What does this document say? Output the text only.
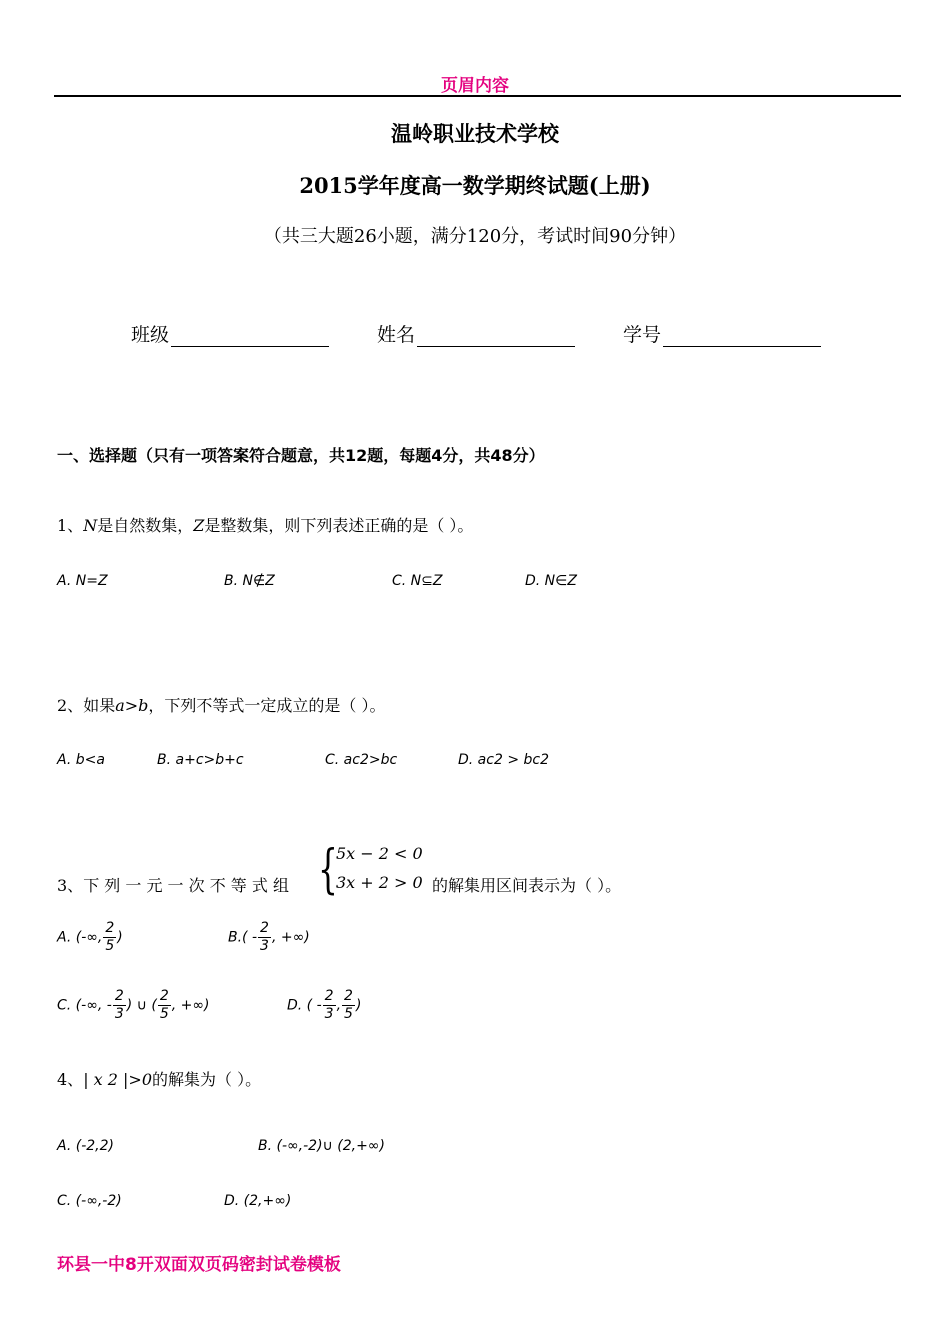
页眉内容
温岭职业技术学校
2015学年度高一数学期终试题(上册)
（共三大题26小题，满分120分，考试时间90分钟）
班级	姓名	学号
一、选择题（只有一项答案符合题意，共12题，每题4分，共48分）
1、N是自然数集，Z是整数集，则下列表述正确的是（ ）。
A. N=Z	B. N∉Z	C. N⊆Z	D. N∈Z
2、如果a>b，下列不等式一定成立的是（ ）。
A. b<a	B. a+c>b+c	C. ac2>bc	D. ac2 > bc2
3、下 列 一 元 一 次 不 等 式 组 {
5x − 2 < 0
3x + 2 > 0 的解集用区间表示为（ ）。
A. (-∞, $\frac{2}{5}$ )	$B.( - \frac{2}{3}$ , +∞)
C. (-∞, - $\frac{2}{3}$ ) ∪ ( $\frac{2}{5}$ , +∞)	D. ( - $\frac{2}{3}$ , $\frac{2}{5}$ )
4、| x 2 |>0的解集为（ ）。
A. (-2,2)	B. (-∞,-2)∪ (2,+∞)
C. (-∞,-2)	D. (2,+∞)
环县一中8开双面双页码密封试卷模板
